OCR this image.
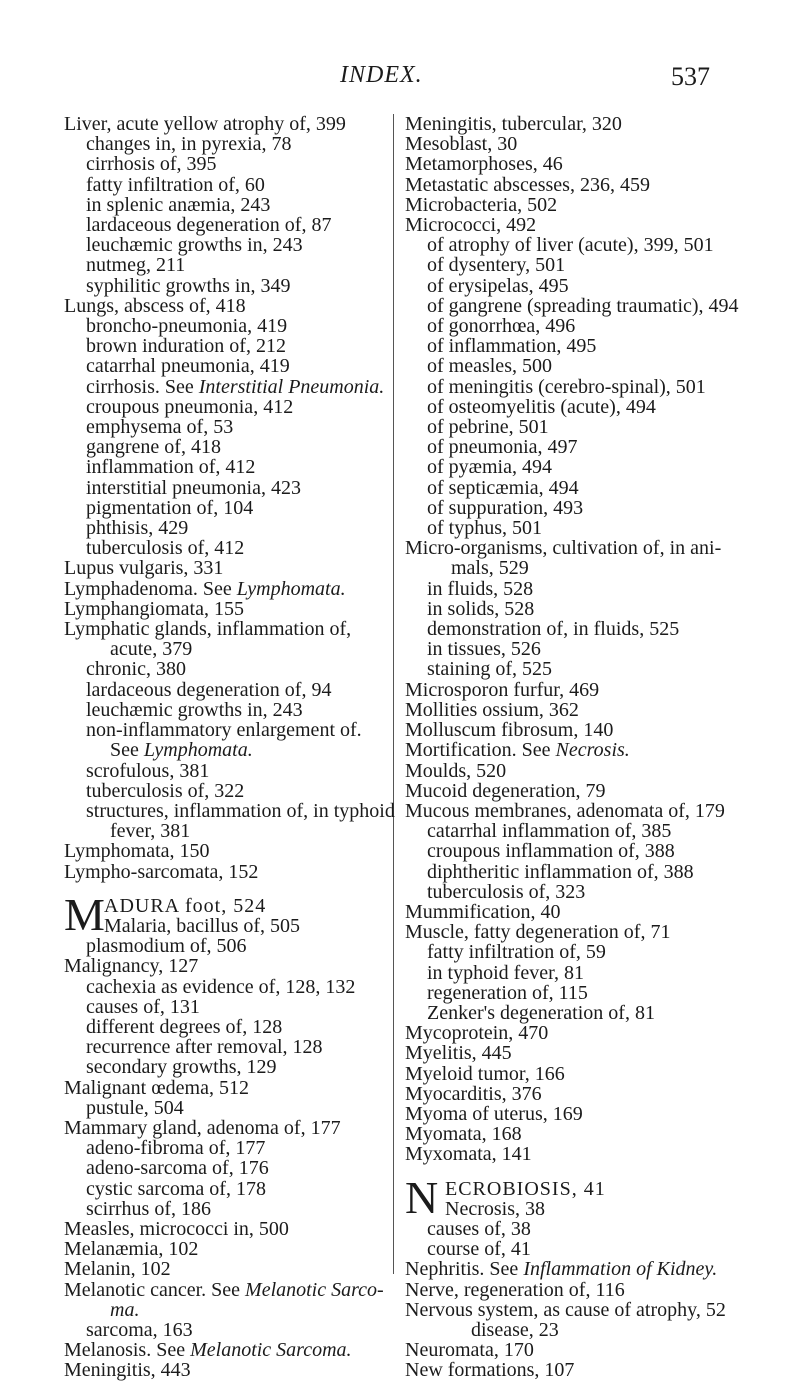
INDEX.	537
Liver, acute yellow atrophy of, 399
changes in, in pyrexia, 78
cirrhosis of, 395
fatty infiltration of, 60
in splenic anæmia, 243
lardaceous degeneration of, 87
leuchæmic growths in, 243
nutmeg, 211
syphilitic growths in, 349
Lungs, abscess of, 418
broncho-pneumonia, 419
brown induration of, 212
catarrhal pneumonia, 419
cirrhosis. See Interstitial Pneumonia.
croupous pneumonia, 412
emphysema of, 53
gangrene of, 418
inflammation of, 412
interstitial pneumonia, 423
pigmentation of, 104
phthisis, 429
tuberculosis of, 412
Lupus vulgaris, 331
Lymphadenoma. See Lymphomata.
Lymphangiomata, 155
Lymphatic glands, inflammation of,
acute, 379
chronic, 380
lardaceous degeneration of, 94
leuchæmic growths in, 243
non-inflammatory enlargement of.
See Lymphomata.
scrofulous, 381
tuberculosis of, 322
structures, inflammation of, in typhoid
fever, 381
Lymphomata, 150
Lympho-sarcomata, 152
M ADURA foot, 524
Malaria, bacillus of, 505
plasmodium of, 506
Malignancy, 127
cachexia as evidence of, 128, 132
causes of, 131
different degrees of, 128
recurrence after removal, 128
secondary growths, 129
Malignant œdema, 512
pustule, 504
Mammary gland, adenoma of, 177
adeno-fibroma of, 177
adeno-sarcoma of, 176
cystic sarcoma of, 178
scirrhus of, 186
Measles, micrococci in, 500
Melanæmia, 102
Melanin, 102
Melanotic cancer. See Melanotic Sarco-
ma.
sarcoma, 163
Melanosis. See Melanotic Sarcoma.
Meningitis, 443
Meningitis, tubercular, 320
Mesoblast, 30
Metamorphoses, 46
Metastatic abscesses, 236, 459
Microbacteria, 502
Micrococci, 492
of atrophy of liver (acute), 399, 501
of dysentery, 501
of erysipelas, 495
of gangrene (spreading traumatic), 494
of gonorrhœa, 496
of inflammation, 495
of measles, 500
of meningitis (cerebro-spinal), 501
of osteomyelitis (acute), 494
of pebrine, 501
of pneumonia, 497
of pyæmia, 494
of septicæmia, 494
of suppuration, 493
of typhus, 501
Micro-organisms, cultivation of, in ani-
mals, 529
in fluids, 528
in solids, 528
demonstration of, in fluids, 525
in tissues, 526
staining of, 525
Microsporon furfur, 469
Mollities ossium, 362
Molluscum fibrosum, 140
Mortification. See Necrosis.
Moulds, 520
Mucoid degeneration, 79
Mucous membranes, adenomata of, 179
catarrhal inflammation of, 385
croupous inflammation of, 388
diphtheritic inflammation of, 388
tuberculosis of, 323
Mummification, 40
Muscle, fatty degeneration of, 71
fatty infiltration of, 59
in typhoid fever, 81
regeneration of, 115
Zenker's degeneration of, 81
Mycoprotein, 470
Myelitis, 445
Myeloid tumor, 166
Myocarditis, 376
Myoma of uterus, 169
Myomata, 168
Myxomata, 141
N ECROBIOSIS, 41
Necrosis, 38
causes of, 38
course of, 41
Nephritis. See Inflammation of Kidney.
Nerve, regeneration of, 116
Nervous system, as cause of atrophy, 52
disease, 23
Neuromata, 170
New formations, 107
